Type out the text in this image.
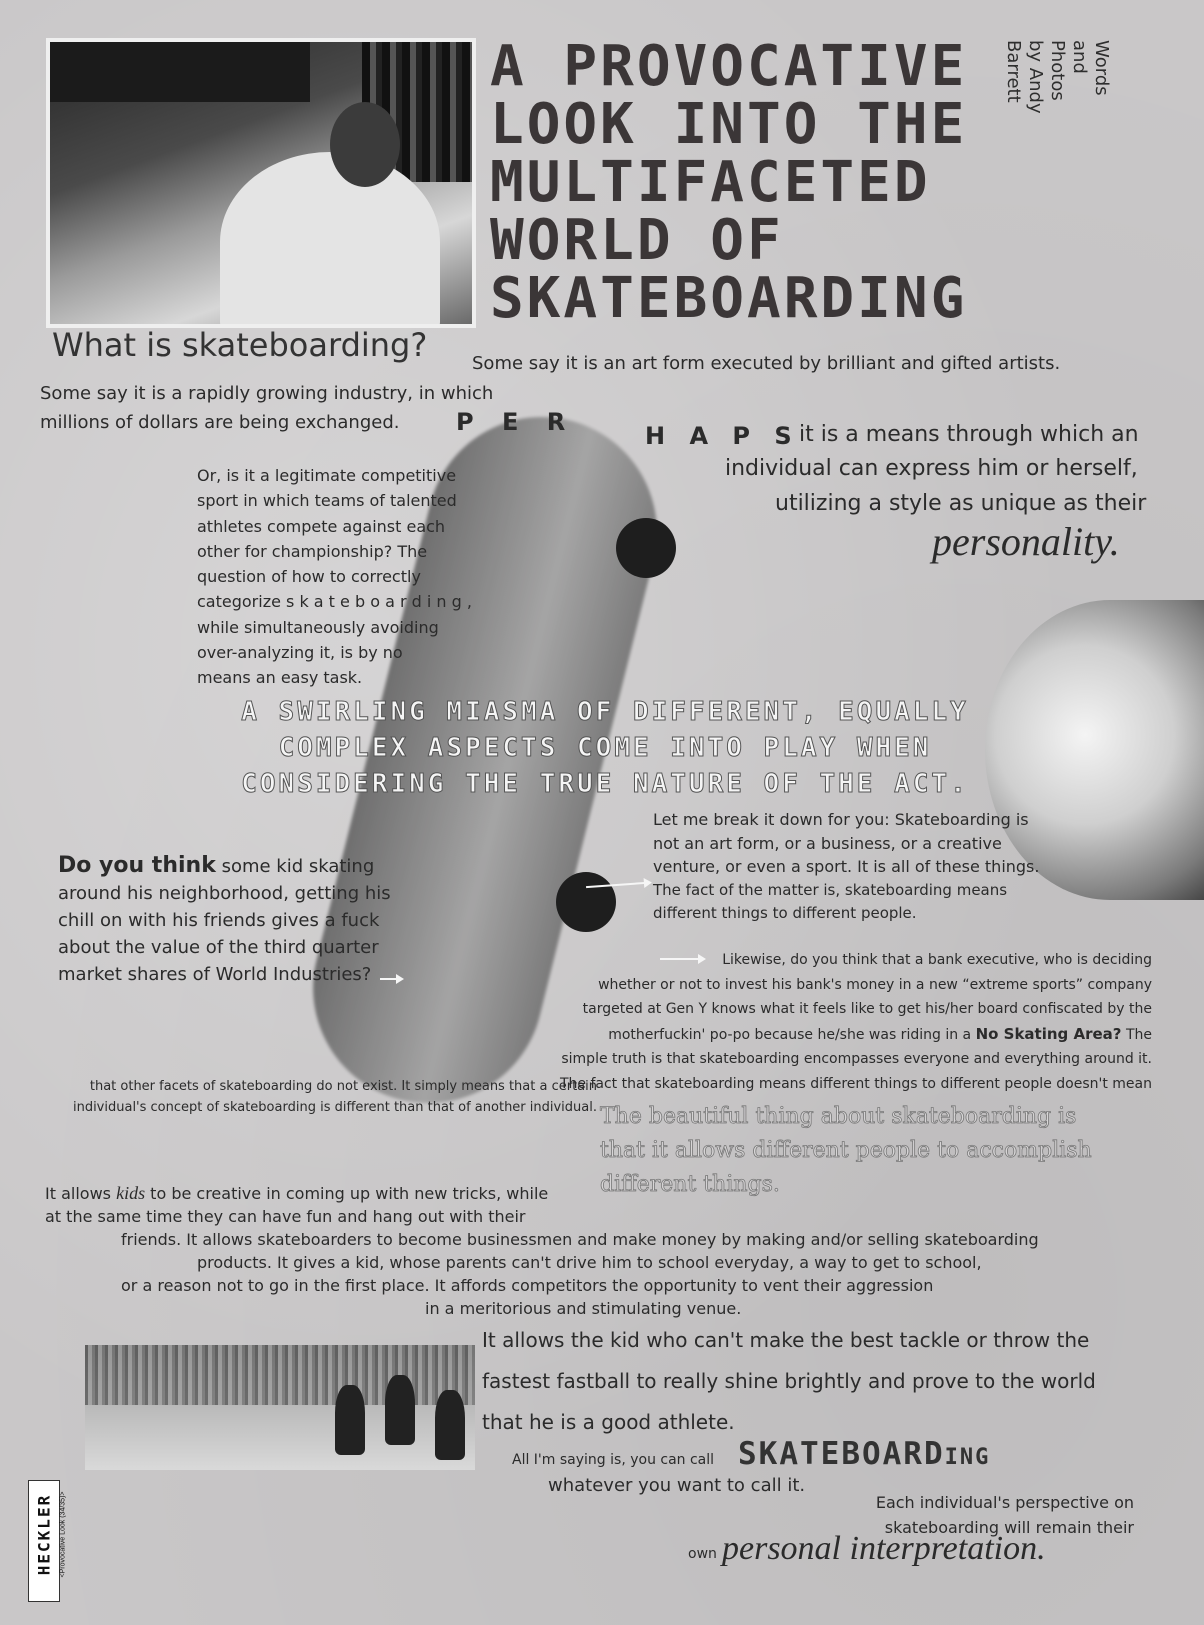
A PROVOCATIVE
LOOK INTO THE
MULTIFACETED
WORLD OF
SKATEBOARDING
Words and Photos
by Andy Barrett
What is skateboarding? Some say it is an art form executed by brilliant and gifted artists.
Some say it is a rapidly growing industry, in which
millions of dollars are being exchanged. P E R	H A P S it is a means through which an
individual can express him or herself,
utilizing a style as unique as their
personality.
Or, is it a legitimate competitive
sport in which teams of talented
athletes compete against each
other for championship? The
question of how to correctly
categorize s k a t e b o a r d i n g ,
while simultaneously avoiding
over-analyzing it, is by no
means an easy task.
A SWIRLING MIASMA OF DIFFERENT, EQUALLY
COMPLEX ASPECTS COME INTO PLAY WHEN
CONSIDERING THE TRUE NATURE OF THE ACT.
Let me break it down for you: Skateboarding is
not an art form, or a business, or a creative
venture, or even a sport. It is all of these things.
The fact of the matter is, skateboarding means
different things to different people.
Do you think some kid skating
around his neighborhood, getting his
chill on with his friends gives a fuck
about the value of the third quarter
market shares of World Industries?
Likewise, do you think that a bank executive, who is deciding
whether or not to invest his bank's money in a new “extreme sports” company
targeted at Gen Y knows what it feels like to get his/her board confiscated by the
motherfuckin' po-po because he/she was riding in a No Skating Area? The
simple truth is that skateboarding encompasses everyone and everything around it.
The fact that skateboarding means different things to different people doesn't mean
that other facets of skateboarding do not exist. It simply means that a certain
individual's concept of skateboarding is different than that of another individual. The beautiful thing about skateboarding is
that it allows different people to accomplish
different things.
It allows kids to be creative in coming up with new tricks, while
at the same time they can have fun and hang out with their
friends. It allows skateboarders to become businessmen and make money by making and/or selling skateboarding
products. It gives a kid, whose parents can't drive him to school everyday, a way to get to school,
or a reason not to go in the first place. It affords competitors the opportunity to vent their aggression
in a meritorious and stimulating venue.
It allows the kid who can't make the best tackle or throw the
fastest fastball to really shine brightly and prove to the world
that he is a good athlete.
All I'm saying is, you can call SKATEBOARDING
whatever you want to call it.
Each individual's perspective on
skateboarding will remain their
own personal interpretation.
HECKLER <Provocative Look (34/35)>
